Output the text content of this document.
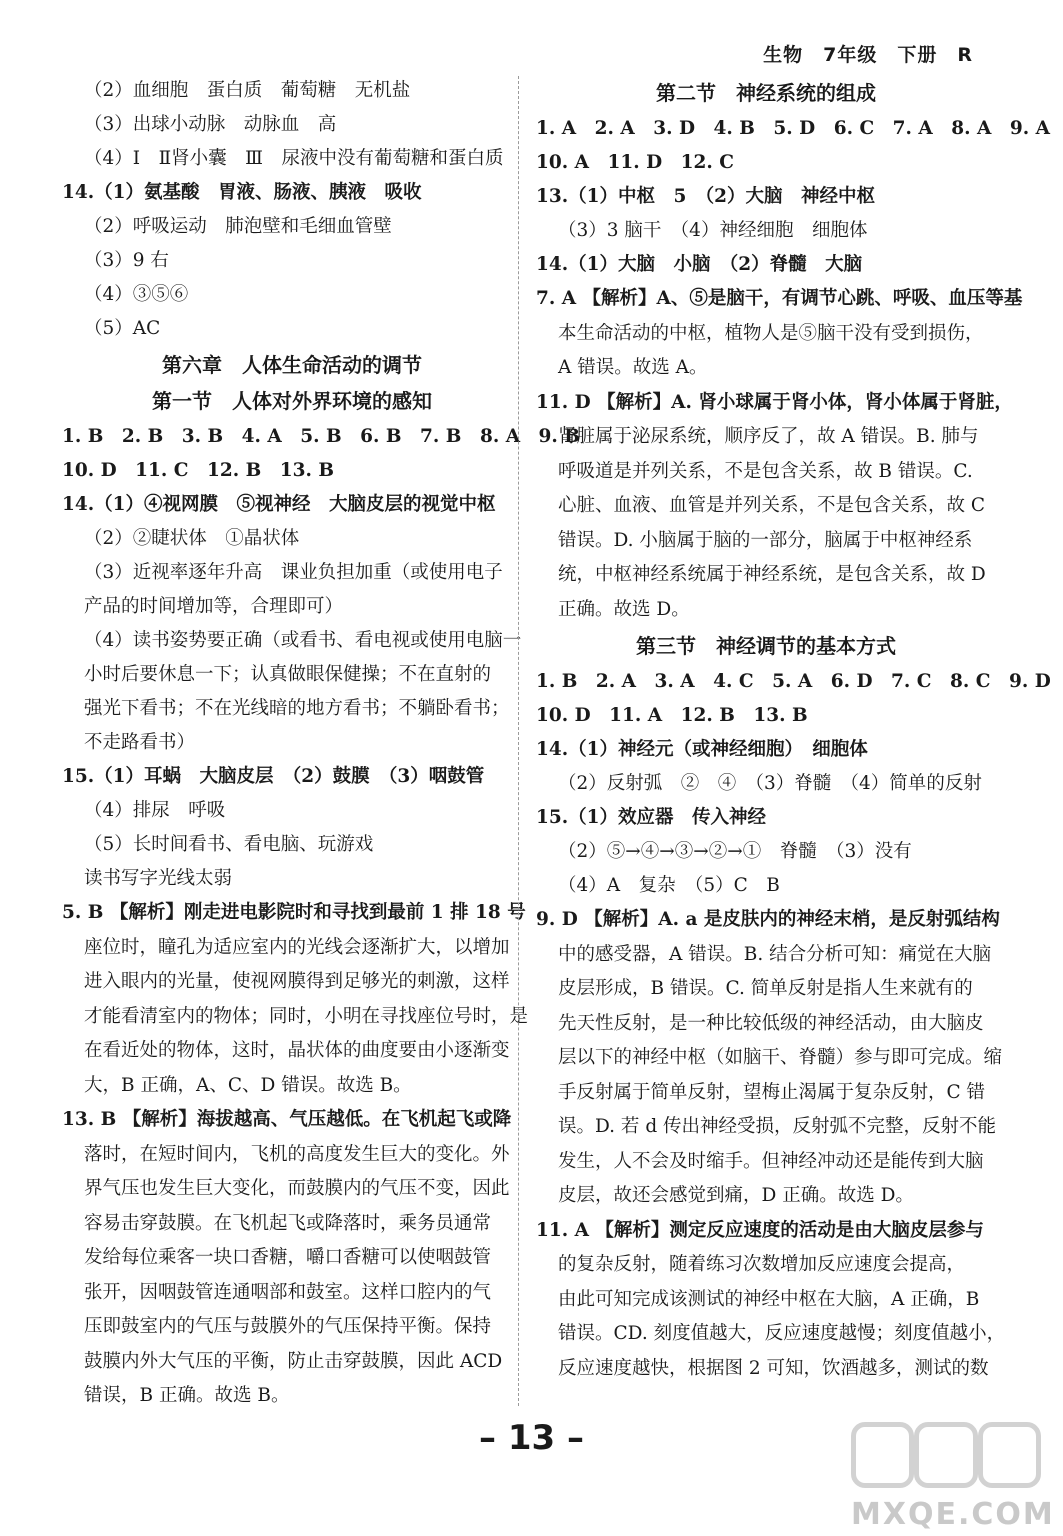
生物　7年级　下册　R
（2）血细胞　蛋白质　葡萄糖　无机盐
（3）出球小动脉　动脉血　高
（4）Ⅰ　Ⅱ肾小囊　Ⅲ　尿液中没有葡萄糖和蛋白质
14.（1）氨基酸　胃液、肠液、胰液　吸收
（2）呼吸运动　肺泡壁和毛细血管壁
（3）9 右
（4）③⑤⑥
（5）AC
第六章　人体生命活动的调节
第一节　人体对外界环境的感知
1. B　2. B　3. B　4. A　5. B　6. B　7. B　8. A　9. B
10. D　11. C　12. B　13. B
14.（1）④视网膜　⑤视神经　大脑皮层的视觉中枢
（2）②睫状体　①晶状体
（3）近视率逐年升高　课业负担加重（或使用电子
产品的时间增加等，合理即可）
（4）读书姿势要正确（或看书、看电视或使用电脑一
小时后要休息一下；认真做眼保健操；不在直射的
强光下看书；不在光线暗的地方看书；不躺卧看书；
不走路看书）
15.（1）耳蜗　大脑皮层　（2）鼓膜　（3）咽鼓管
（4）排尿　呼吸
（5）长时间看书、看电脑、玩游戏
读书写字光线太弱
5. B 【解析】刚走进电影院时和寻找到最前 1 排 18 号
座位时，瞳孔为适应室内的光线会逐渐扩大，以增加
进入眼内的光量，使视网膜得到足够光的刺激，这样
才能看清室内的物体；同时，小明在寻找座位号时，是
在看近处的物体，这时，晶状体的曲度要由小逐渐变
大，B 正确，A、C、D 错误。故选 B。
13. B 【解析】海拔越高、气压越低。在飞机起飞或降
落时，在短时间内，飞机的高度发生巨大的变化。外
界气压也发生巨大变化，而鼓膜内的气压不变，因此
容易击穿鼓膜。在飞机起飞或降落时，乘务员通常
发给每位乘客一块口香糖，嚼口香糖可以使咽鼓管
张开，因咽鼓管连通咽部和鼓室。这样口腔内的气
压即鼓室内的气压与鼓膜外的气压保持平衡。保持
鼓膜内外大气压的平衡，防止击穿鼓膜，因此 ACD
错误，B 正确。故选 B。
第二节　神经系统的组成
1. A　2. A　3. D　4. B　5. D　6. C　7. A　8. A　9. A
10. A　11. D　12. C
13.（1）中枢　5　（2）大脑　神经中枢
（3）3 脑干　（4）神经细胞　细胞体
14.（1）大脑　小脑　（2）脊髓　大脑
7. A 【解析】A、⑤是脑干，有调节心跳、呼吸、血压等基
本生命活动的中枢，植物人是⑤脑干没有受到损伤，
A 错误。故选 A。
11. D 【解析】A. 肾小球属于肾小体，肾小体属于肾脏，
肾脏属于泌尿系统，顺序反了，故 A 错误。B. 肺与
呼吸道是并列关系，不是包含关系，故 B 错误。C.
心脏、血液、血管是并列关系，不是包含关系，故 C
错误。D. 小脑属于脑的一部分，脑属于中枢神经系
统，中枢神经系统属于神经系统，是包含关系，故 D
正确。故选 D。
第三节　神经调节的基本方式
1. B　2. A　3. A　4. C　5. A　6. D　7. C　8. C　9. D
10. D　11. A　12. B　13. B
14.（1）神经元（或神经细胞）　细胞体
（2）反射弧　②　④　（3）脊髓　（4）简单的反射
15.（1）效应器　传入神经
（2）⑤→④→③→②→①　脊髓　（3）没有
（4）A　复杂　（5）C　B
9. D 【解析】A. a 是皮肤内的神经末梢，是反射弧结构
中的感受器，A 错误。B. 结合分析可知：痛觉在大脑
皮层形成，B 错误。C. 简单反射是指人生来就有的
先天性反射，是一种比较低级的神经活动，由大脑皮
层以下的神经中枢（如脑干、脊髓）参与即可完成。缩
手反射属于简单反射，望梅止渴属于复杂反射，C 错
误。D. 若 d 传出神经受损，反射弧不完整，反射不能
发生，人不会及时缩手。但神经冲动还是能传到大脑
皮层，故还会感觉到痛，D 正确。故选 D。
11. A 【解析】测定反应速度的活动是由大脑皮层参与
的复杂反射，随着练习次数增加反应速度会提高，
由此可知完成该测试的神经中枢在大脑，A 正确，B
错误。CD. 刻度值越大，反应速度越慢；刻度值越小，
反应速度越快，根据图 2 可知，饮酒越多，测试的数
– 13 –
MXQE.COM
